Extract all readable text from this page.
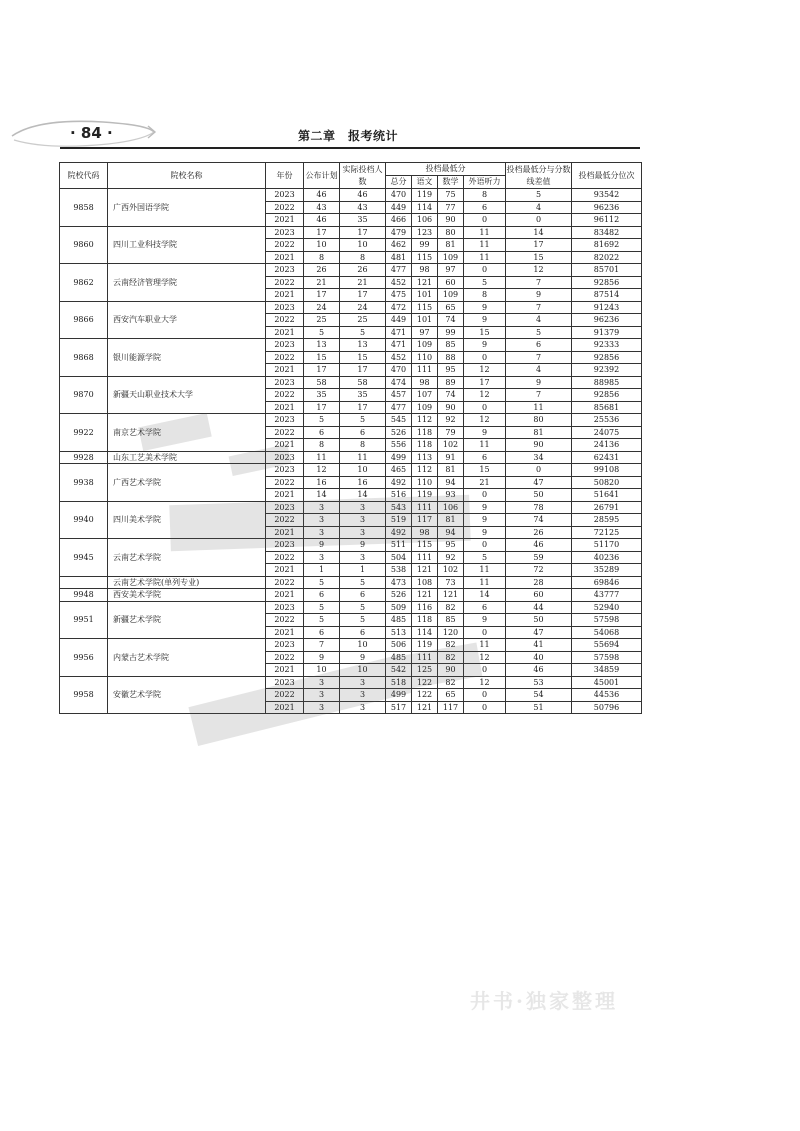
· 84 ·	第二章　报考统计
院校代码	院校名称	年份	公布计划	实际投档人数	投档最低分				投档最低分与分数线差值	投档最低分位次
					总分	语文	数学	外语听力		
9858	广西外国语学院	2023	46	46	470	119	75	8	5	93542
		2022	43	43	449	114	77	6	4	96236
		2021	46	35	466	106	90	0	0	96112
9860	四川工业科技学院	2023	17	17	479	123	80	11	14	83482
		2022	10	10	462	99	81	11	17	81692
		2021	8	8	481	115	109	11	15	82022
9862	云南经济管理学院	2023	26	26	477	98	97	0	12	85701
		2022	21	21	452	121	60	5	7	92856
		2021	17	17	475	101	109	8	9	87514
9866	西安汽车职业大学	2023	24	24	472	115	65	9	7	91243
		2022	25	25	449	101	74	9	4	96236
		2021	5	5	471	97	99	15	5	91379
9868	银川能源学院	2023	13	13	471	109	85	9	6	92333
		2022	15	15	452	110	88	0	7	92856
		2021	17	17	470	111	95	12	4	92392
9870	新疆天山职业技术大学	2023	58	58	474	98	89	17	9	88985
		2022	35	35	457	107	74	12	7	92856
		2021	17	17	477	109	90	0	11	85681
9922	南京艺术学院	2023	5	5	545	112	92	12	80	25536
		2022	6	6	526	118	79	9	81	24075
		2021	8	8	556	118	102	11	90	24136
9928	山东工艺美术学院	2023	11	11	499	113	91	6	34	62431
9938	广西艺术学院	2023	12	10	465	112	81	15	0	99108
		2022	16	16	492	110	94	21	47	50820
		2021	14	14	516	119	93	0	50	51641
9940	四川美术学院	2023	3	3	543	111	106	9	78	26791
		2022	3	3	519	117	81	9	74	28595
		2021	3	3	492	98	94	9	26	72125
9945	云南艺术学院	2023	9	9	511	115	95	0	46	51170
		2022	3	3	504	111	92	5	59	40236
		2021	1	1	538	121	102	11	72	35289
	云南艺术学院(单列专业)	2022	5	5	473	108	73	11	28	69846
9948	西安美术学院	2021	6	6	526	121	121	14	60	43777
9951	新疆艺术学院	2023	5	5	509	116	82	6	44	52940
		2022	5	5	485	118	85	9	50	57598
		2021	6	6	513	114	120	0	47	54068
9956	内蒙古艺术学院	2023	7	10	506	119	82	11	41	55694
		2022	9	9	485	111	82	12	40	57598
		2021	10	10	542	125	90	0	46	34859
9958	安徽艺术学院	2023	3	3	518	122	82	12	53	45001
		2022	3	3	499	122	65	0	54	44536
		2021	3	3	517	121	117	0	51	50796
井书·独家整理
